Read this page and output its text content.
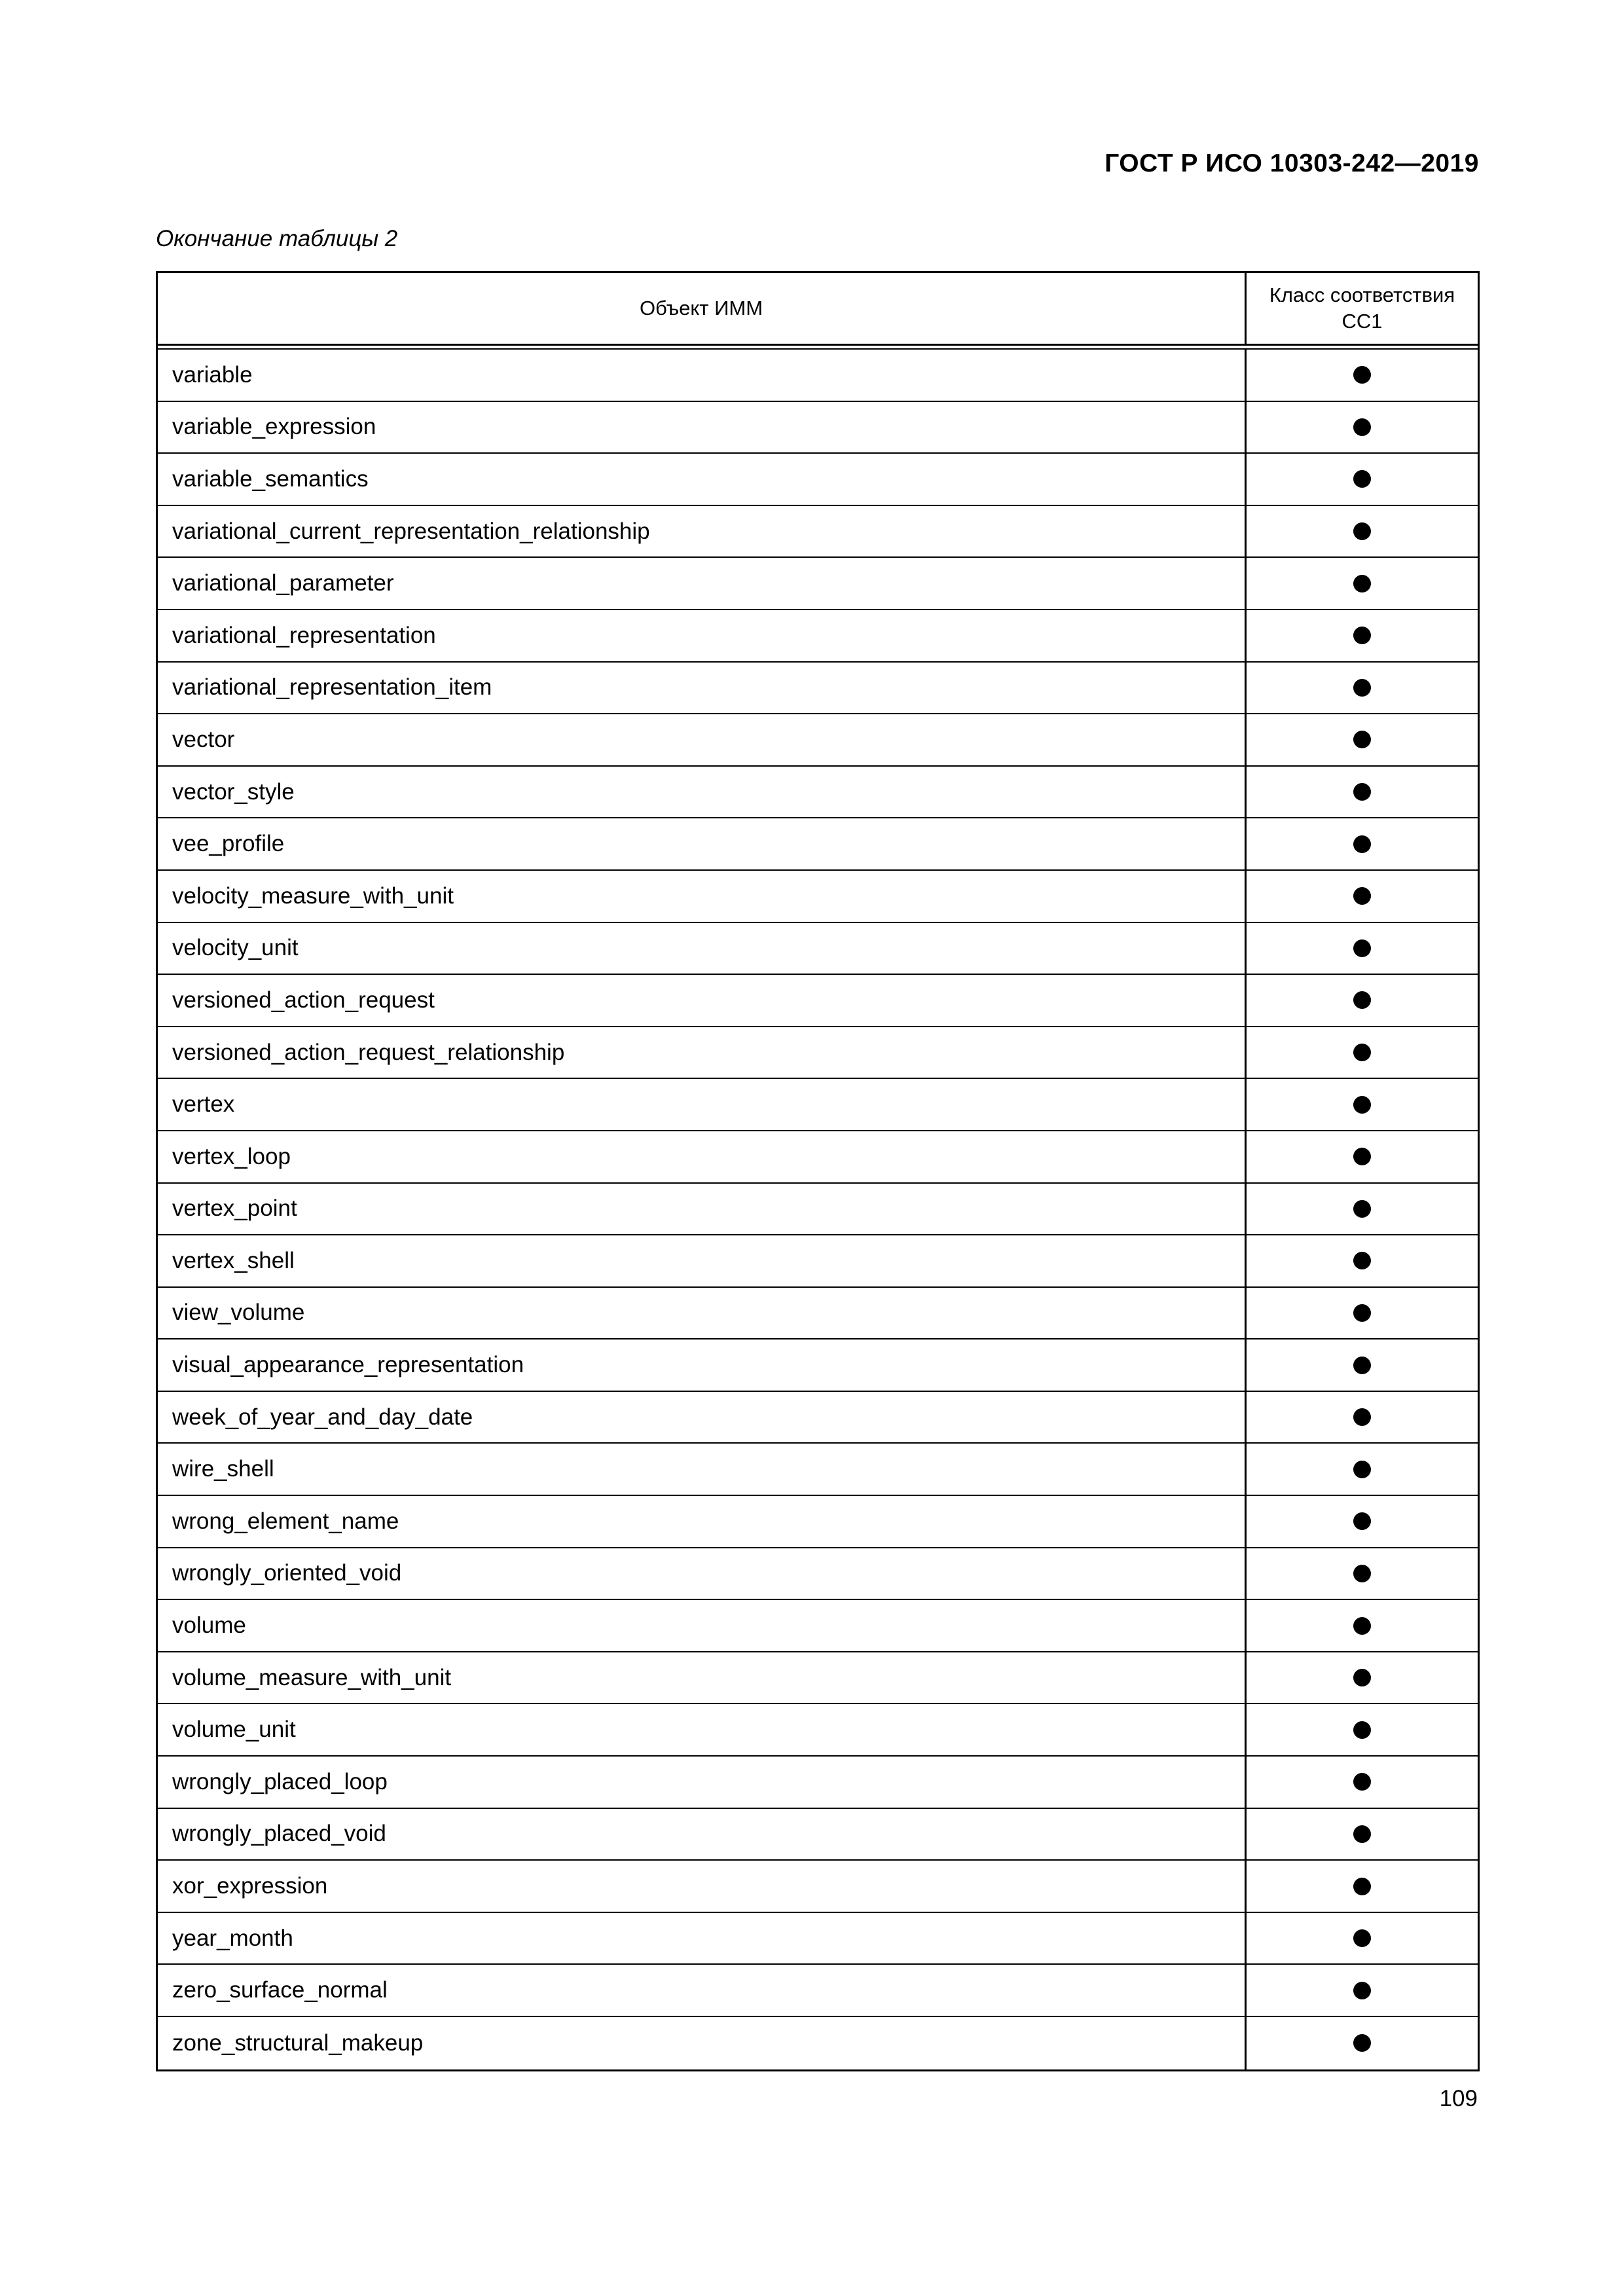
ГОСТ Р ИСО 10303-242—2019
Окончание таблицы 2
Объект ИММ
Класс соответствия
CC1
variable
variable_expression
variable_semantics
variational_current_representation_relationship
variational_parameter
variational_representation
variational_representation_item
vector
vector_style
vee_profile
velocity_measure_with_unit
velocity_unit
versioned_action_request
versioned_action_request_relationship
vertex
vertex_loop
vertex_point
vertex_shell
view_volume
visual_appearance_representation
week_of_year_and_day_date
wire_shell
wrong_element_name
wrongly_oriented_void
volume
volume_measure_with_unit
volume_unit
wrongly_placed_loop
wrongly_placed_void
xor_expression
year_month
zero_surface_normal
zone_structural_makeup
109
